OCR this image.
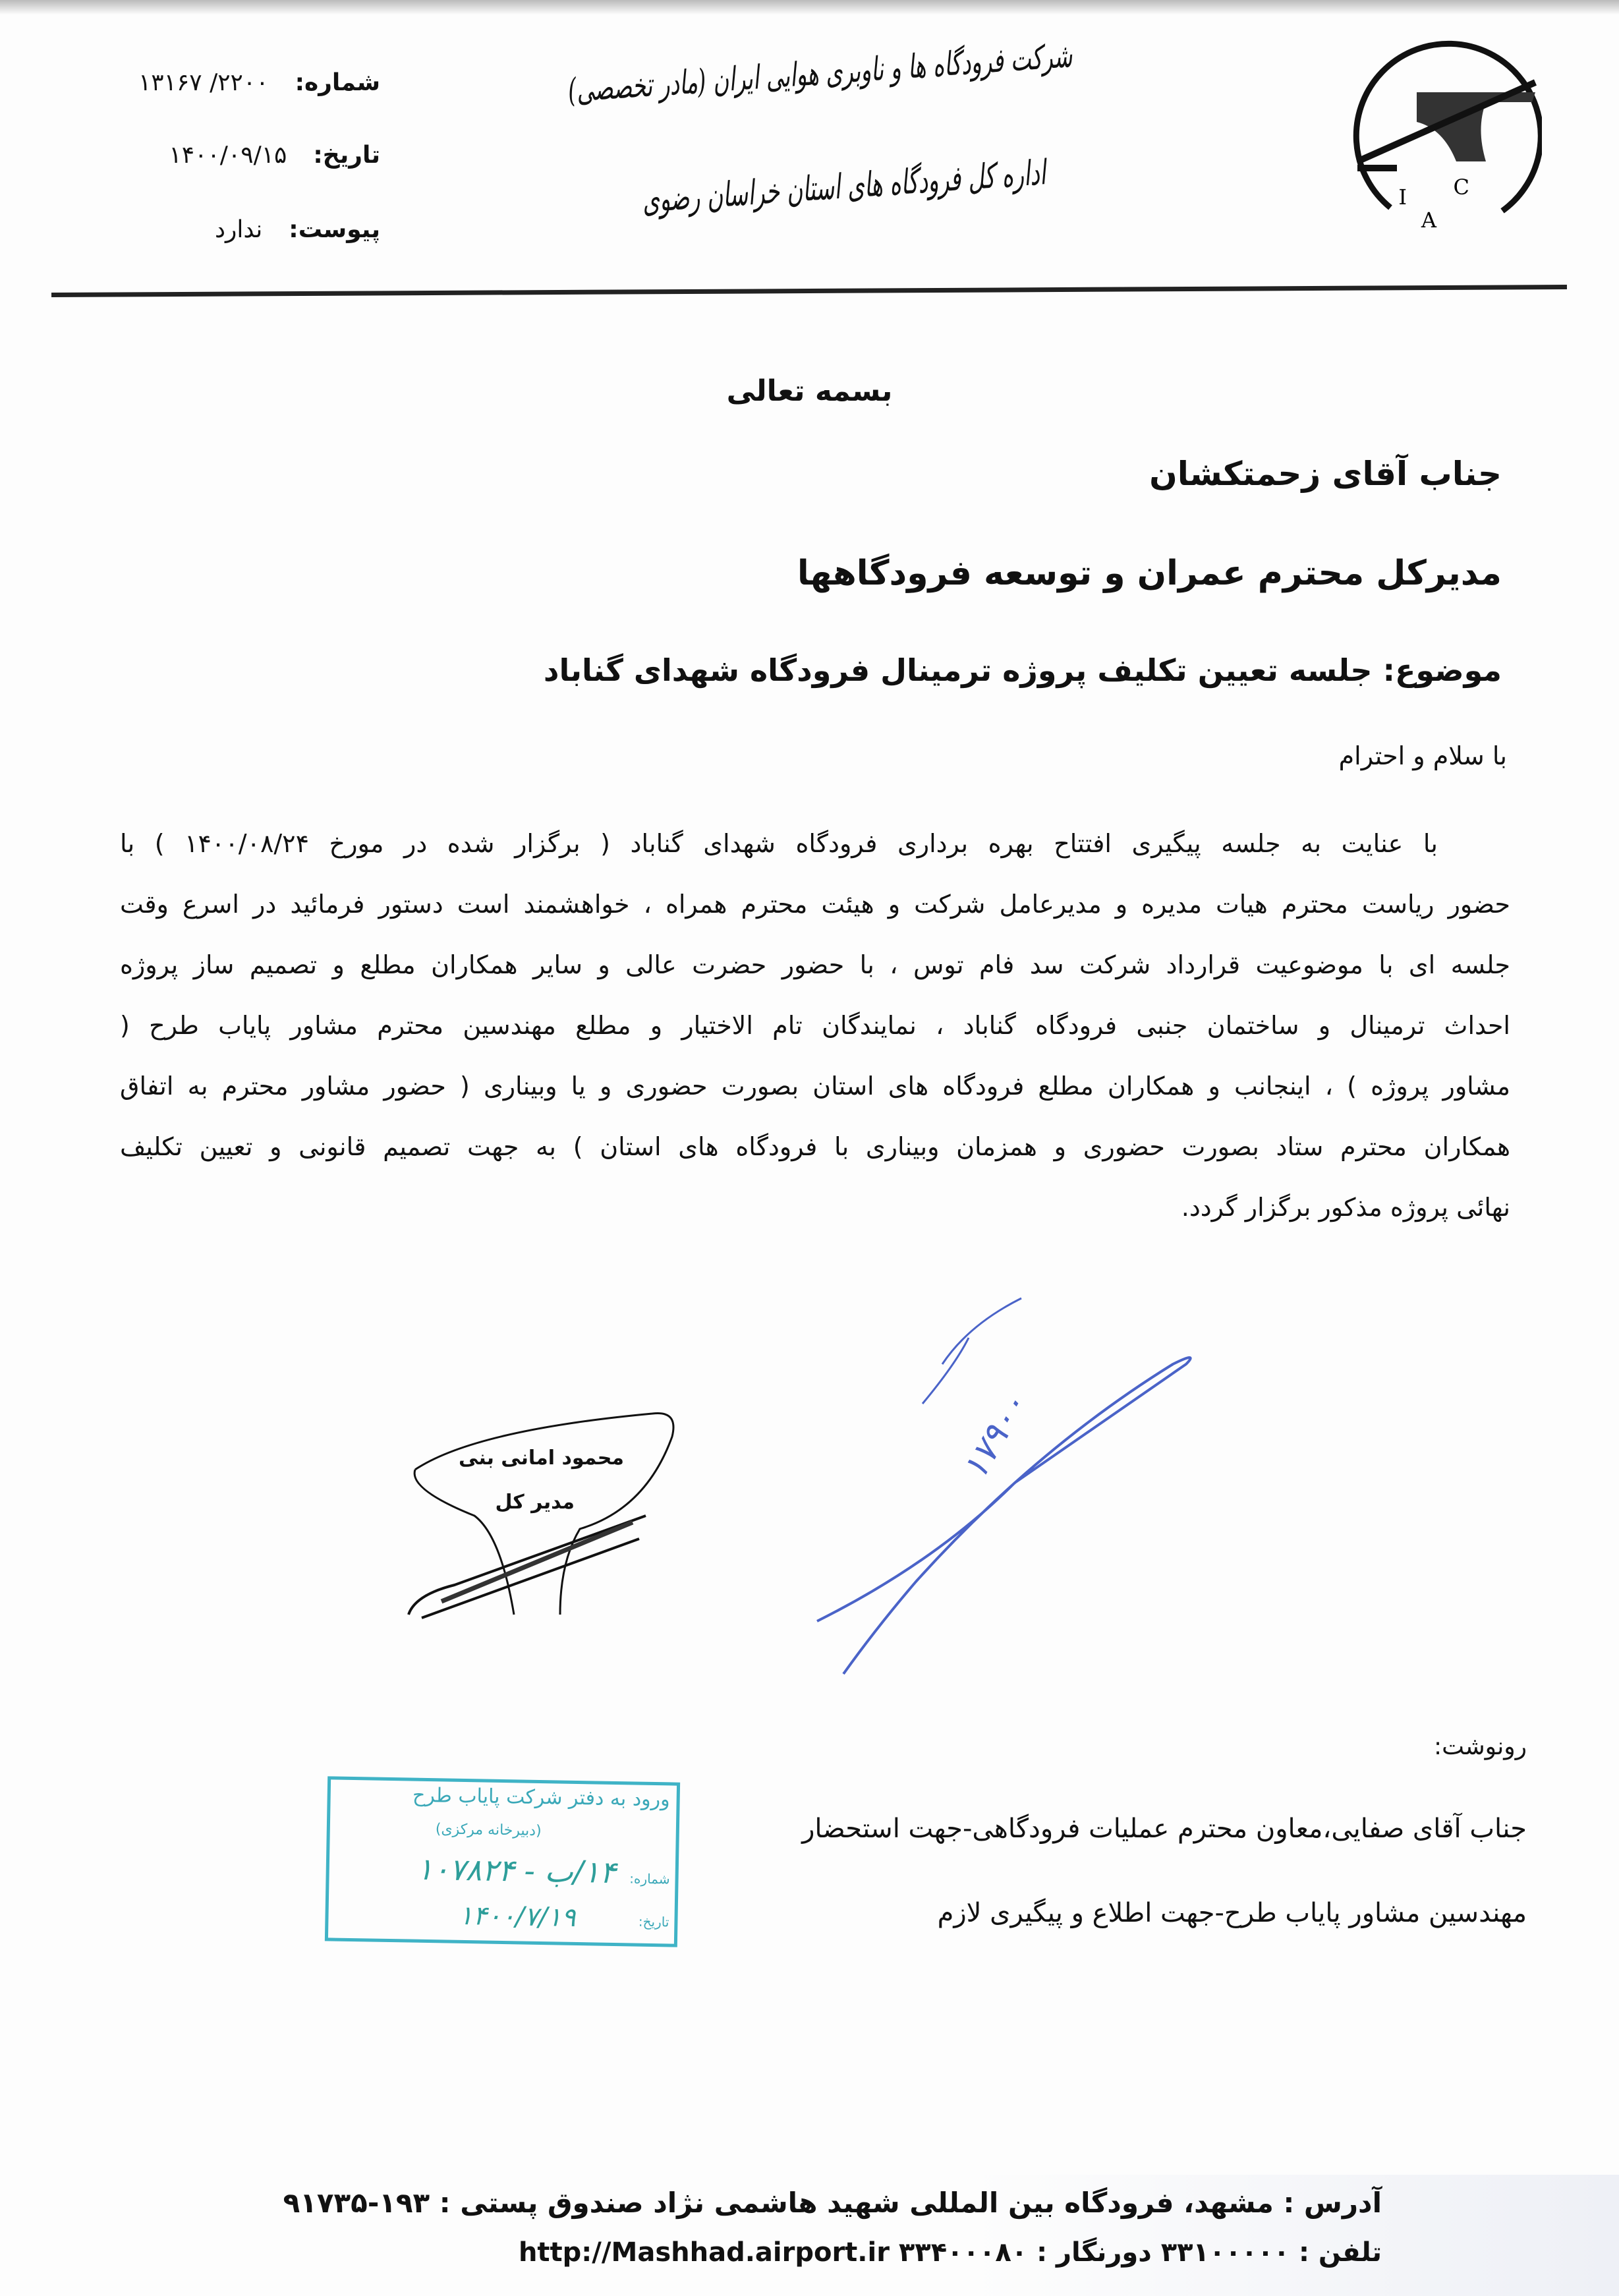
I
A
C
شرکت فرودگاه ها و ناوبری هوایی ایران (مادر تخصصی)
اداره کل فرودگاه های استان خراسان رضوی
شماره:
۲۲۰۰/ ۱۳۱۶۷
تاریخ:
۱۴۰۰/۰۹/۱۵
پیوست:
ندارد
بسمه تعالی
جناب آقای زحمتکشان
مدیرکل محترم عمران و توسعه فرودگاهها
موضوع: جلسه تعیین تکلیف پروژه ترمینال فرودگاه شهدای گناباد
با سلام و احترام
با عنایت به جلسه پیگیری افتتاح بهره برداری فرودگاه شهدای گناباد ( برگزار شده در مورخ ۱۴۰۰/۰۸/۲۴ ) با
حضور ریاست محترم هیات مدیره و مدیرعامل شرکت و هیئت محترم همراه ، خواهشمند است دستور فرمائید در اسرع وقت
جلسه ای با موضوعیت قرارداد شرکت سد فام توس ، با حضور حضرت عالی و سایر همکاران مطلع و تصمیم ساز پروژه
احداث ترمینال و ساختمان جنبی فرودگاه گناباد ، نمایندگان تام الاختیار و مطلع مهندسین محترم مشاور پایاب طرح (
مشاور پروژه ) ، اینجانب و همکاران مطلع فرودگاه های استان بصورت حضوری و یا وبیناری ( حضور مشاور محترم به اتفاق
همکاران محترم ستاد بصورت حضوری و همزمان وبیناری با فرودگاه های استان ) به جهت تصمیم قانونی و تعیین تکلیف
نهائی پروژه مذکور برگزار گردد.
محمود امانی بنی
مدیر کل
۱۷۹۰۰
رونوشت:
جناب آقای صفایی،معاون محترم عملیات فرودگاهی-جهت استحضار
مهندسین مشاور پایاب طرح-جهت اطلاع و پیگیری لازم
ورود به دفتر شرکت پایاب طرح
(دبیرخانه مرکزی)
شماره:
۱۴/ب - ۱۰۷۸۲۴
تاریخ:
۱۴۰۰/۷/۱۹
آدرس : مشهد، فرودگاه بین المللی شهید هاشمی نژاد صندوق پستی : ۱۹۳-۹۱۷۳۵
تلفن : ۳۳۱۰۰۰۰۰ دورنگار : ۳۳۴۰۰۰۸۰ http://Mashhad.airport.ir
